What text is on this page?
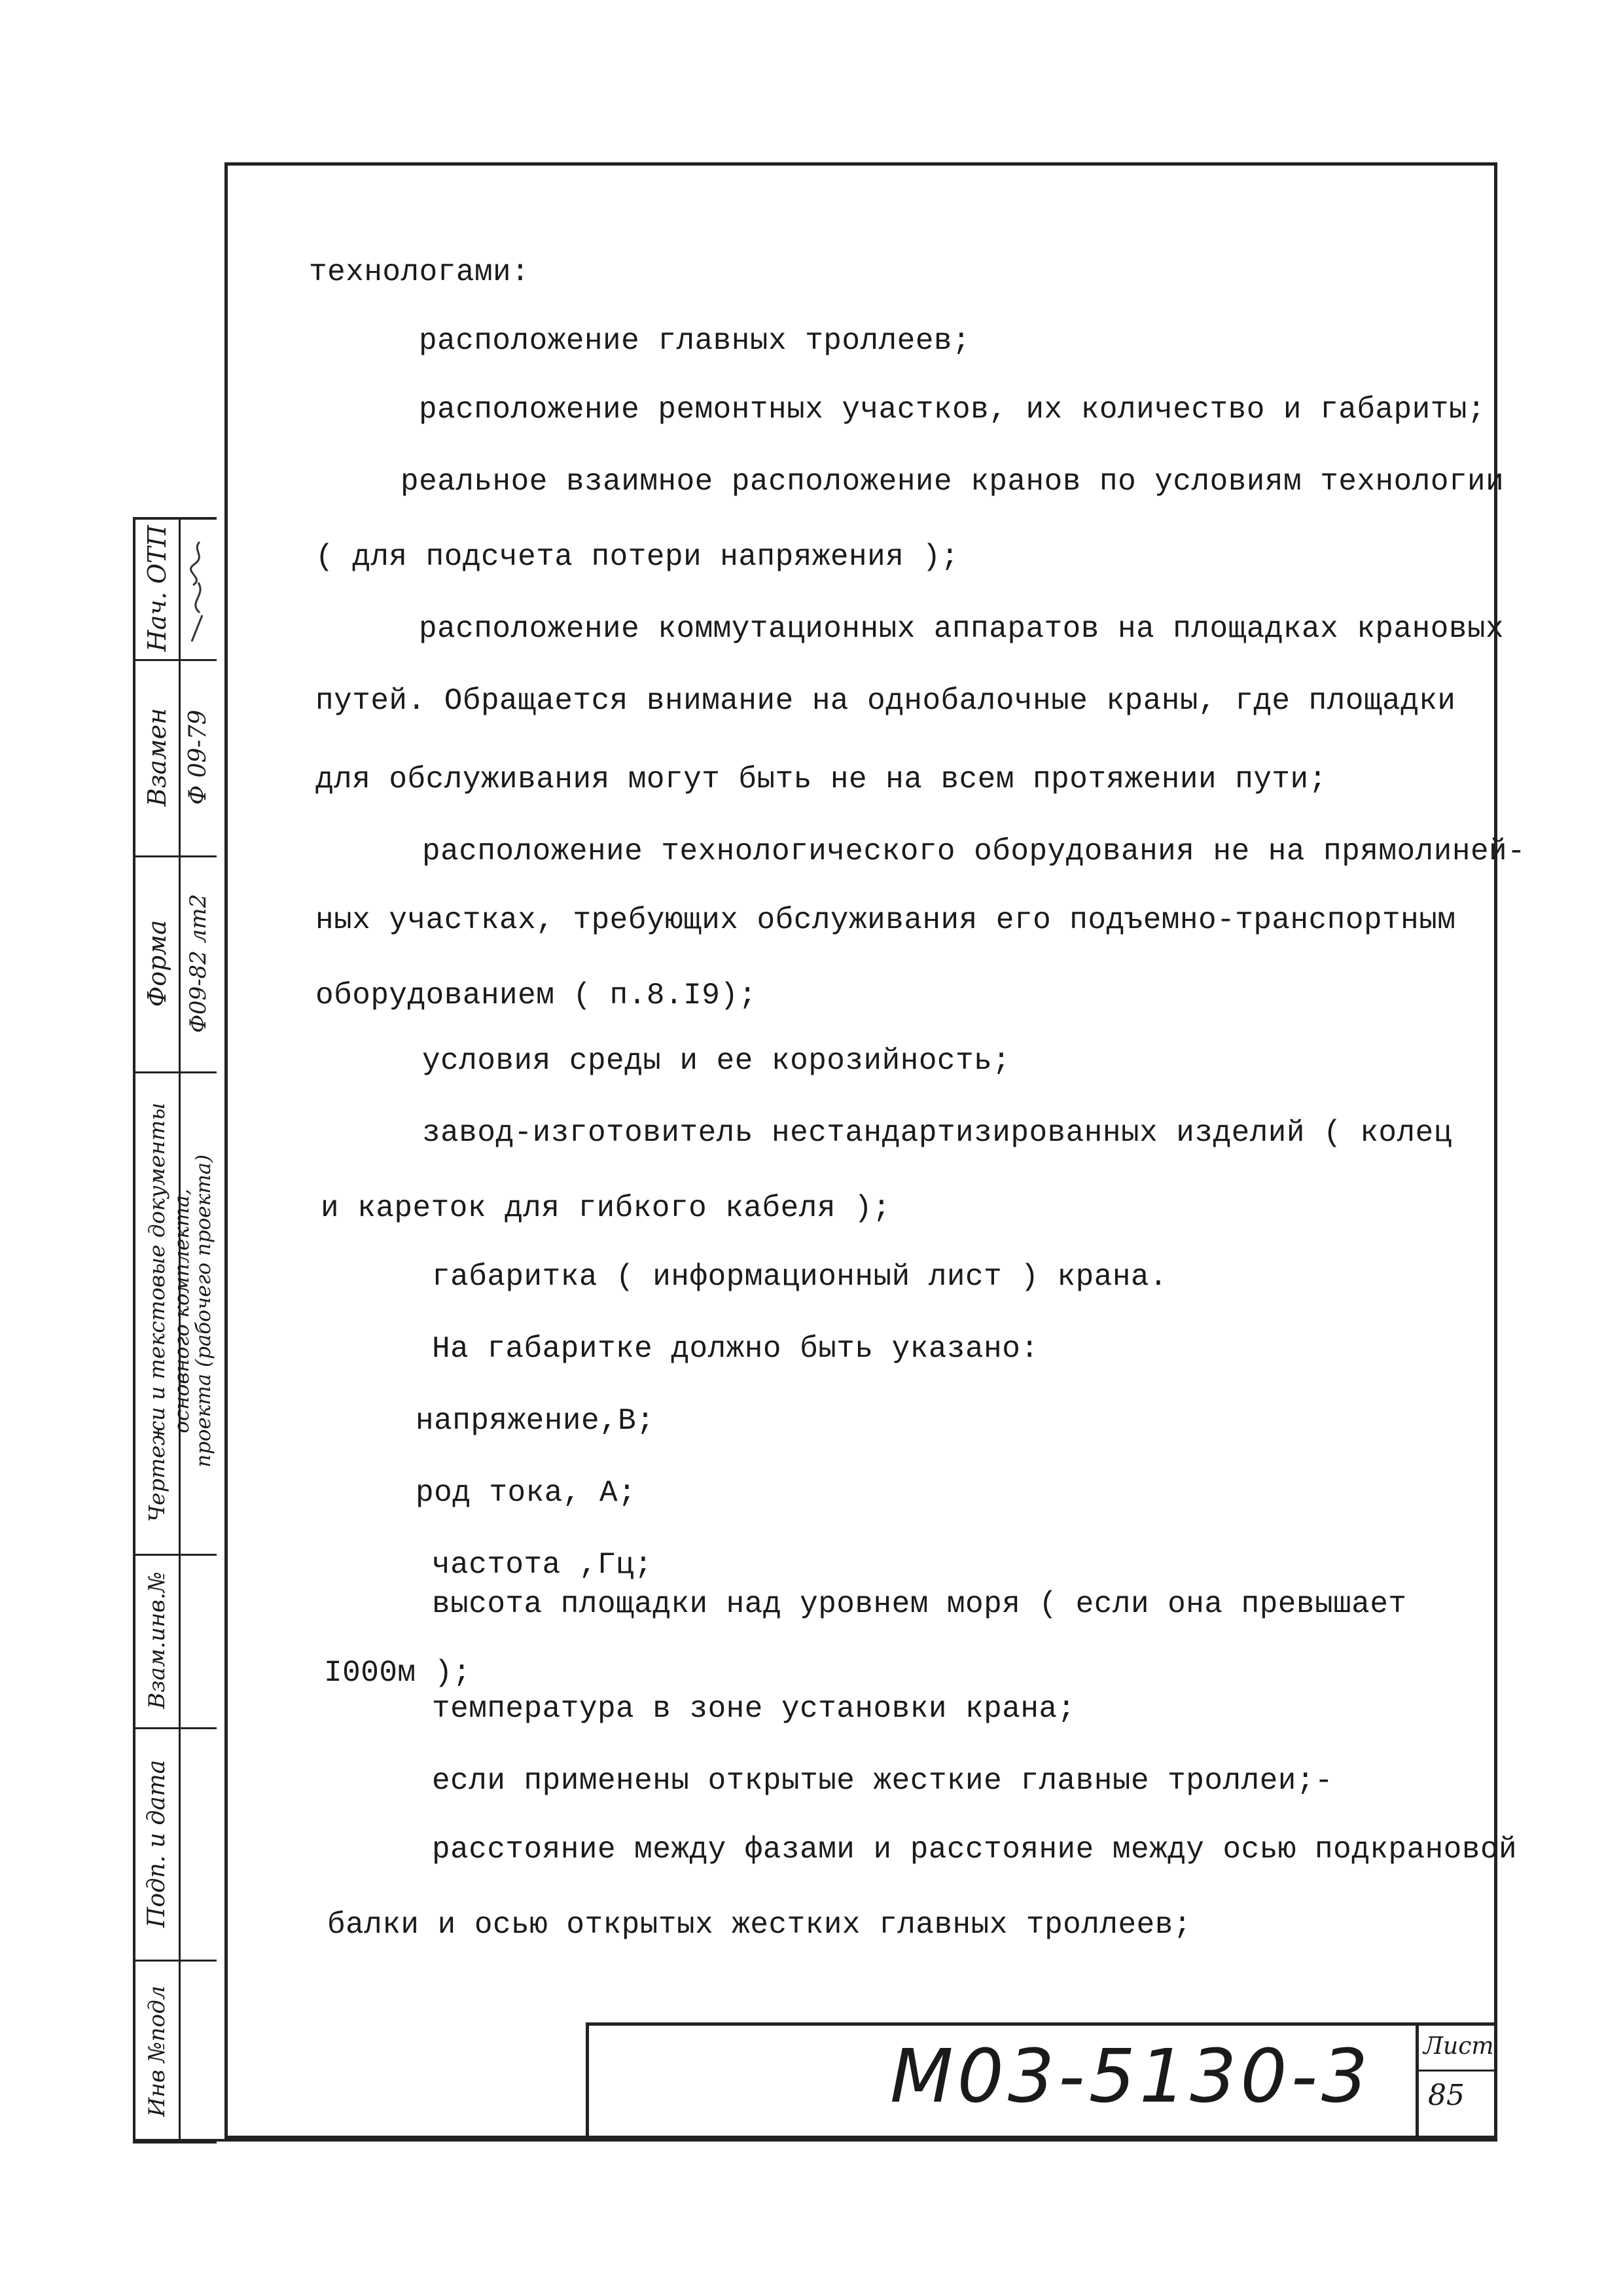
Нач. ОТП
Взамен Ф 09-79
Форма Ф09-82 лт2
Чертежи и текстовые документы основного комплекта,
проекта (рабочего проекта)
Взам.инв.№
Подп. и дата
Инв №подл
технологами:
расположение главных троллеев;
расположение ремонтных участков, их количество и габариты;
реальное взаимное расположение кранов по условиям технологии
( для подсчета потери напряжения );
расположение коммутационных аппаратов на площадках крановых
путей. Обращается внимание на однобалочные краны, где площадки
для обслуживания могут быть не на всем протяжении пути;
расположение технологического оборудования не на прямолиней-
ных участках, требующих обслуживания его подъемно-транспортным
оборудованием ( п.8.I9);
условия среды и ее корозийность;
завод-изготовитель нестандартизированных изделий ( колец
и кареток для гибкого кабеля );
габаритка ( информационный лист ) крана.
На габаритке должно быть указано:
напряжение,В;
род тока, А;
частота ,Гц;
высота площадки над уровнем моря ( если она превышает
I000м );
температура в зоне установки крана;
если применены открытые жесткие главные троллеи;-
расстояние между фазами и расстояние между осью подкрановой
балки и осью открытых жестких главных троллеев;
М03-5130-3 Лист
85
